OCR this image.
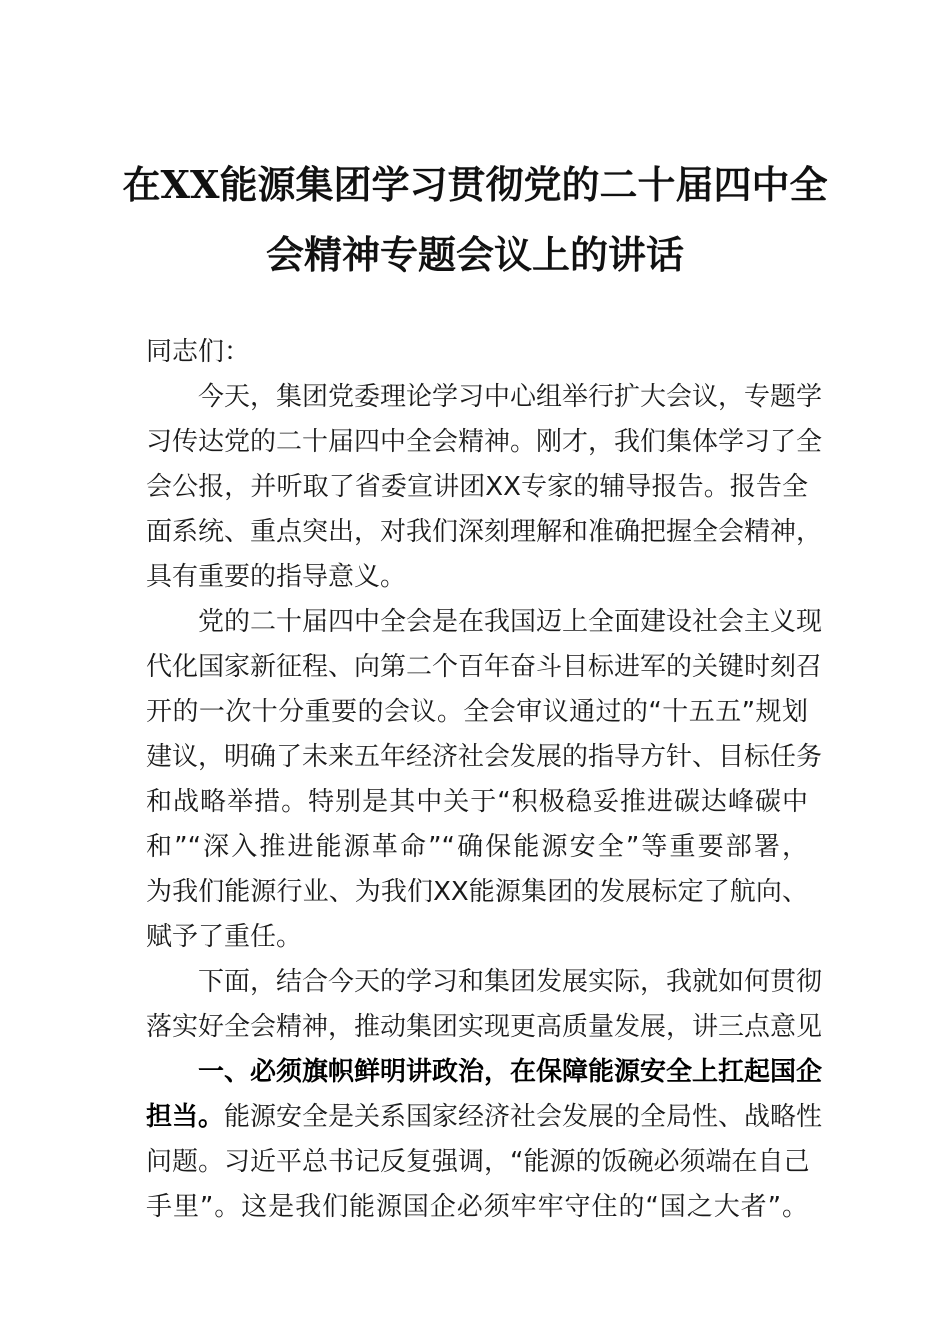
在XX能源集团学习贯彻党的二十届四中全
会精神专题会议上的讲话
同志们：
今天，集团党委理论学习中心组举行扩大会议，专题学
习传达党的二十届四中全会精神。刚才，我们集体学习了全
会公报，并听取了省委宣讲团XX专家的辅导报告。报告全
面系统、重点突出，对我们深刻理解和准确把握全会精神，
具有重要的指导意义。
党的二十届四中全会是在我国迈上全面建设社会主义现
代化国家新征程、向第二个百年奋斗目标进军的关键时刻召
开的一次十分重要的会议。全会审议通过的“十五五”规划
建议，明确了未来五年经济社会发展的指导方针、目标任务
和战略举措。特别是其中关于“积极稳妥推进碳达峰碳中
和”“深入推进能源革命”“确保能源安全”等重要部署，
为我们能源行业、为我们XX能源集团的发展标定了航向、
赋予了重任。
下面，结合今天的学习和集团发展实际，我就如何贯彻
落实好全会精神，推动集团实现更高质量发展，讲三点意见
一、必须旗帜鲜明讲政治，在保障能源安全上扛起国企
担当。能源安全是关系国家经济社会发展的全局性、战略性
问题。习近平总书记反复强调，“能源的饭碗必须端在自己
手里”。这是我们能源国企必须牢牢守住的“国之大者”。
